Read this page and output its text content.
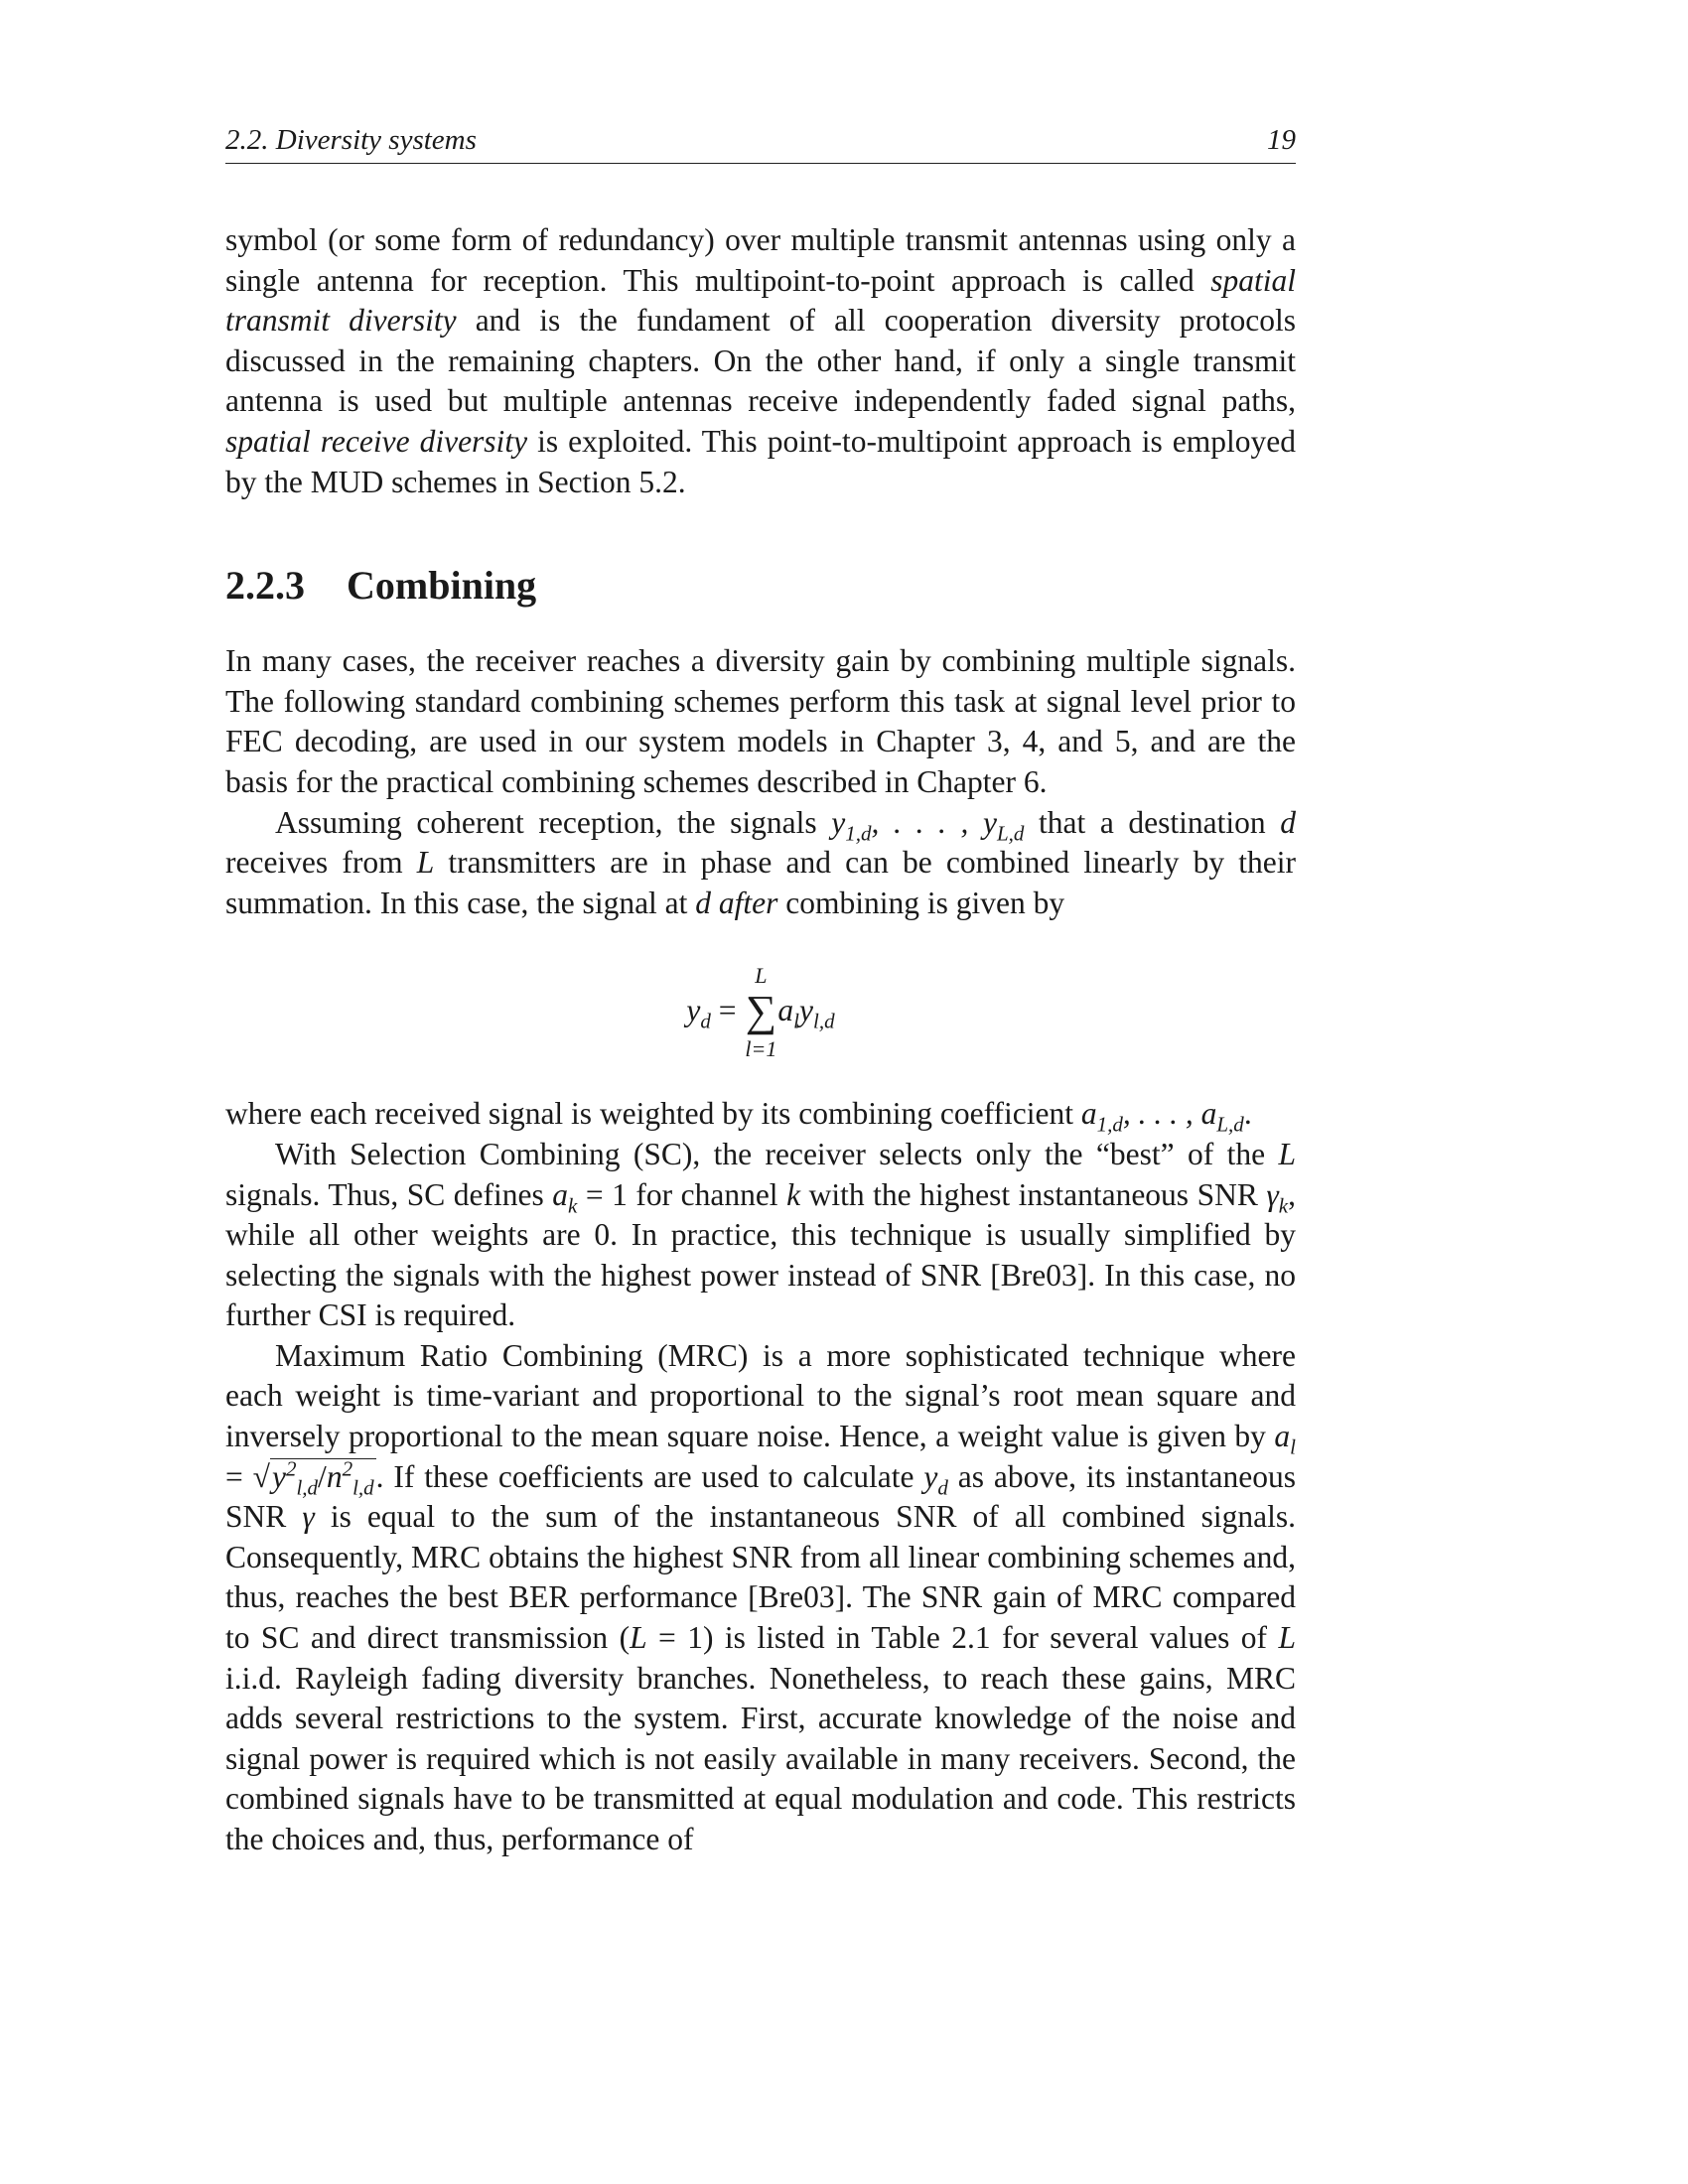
2.2. Diversity systems	19

symbol (or some form of redundancy) over multiple transmit antennas using only a single antenna for reception. This multipoint-to-point approach is called spatial transmit diversity and is the fundament of all cooperation diversity protocols discussed in the remaining chapters. On the other hand, if only a single transmit antenna is used but multiple antennas receive independently faded signal paths, spatial receive diversity is exploited. This point-to-multipoint approach is employed by the MUD schemes in Section 5.2.

2.2.3 Combining

In many cases, the receiver reaches a diversity gain by combining multiple signals. The following standard combining schemes perform this task at signal level prior to FEC decoding, are used in our system models in Chapter 3, 4, and 5, and are the basis for the practical combining schemes described in Chapter 6.

Assuming coherent reception, the signals $y_{1,d}$, . . . , $y_{L,d}$ that a destination d receives from L transmitters are in phase and can be combined linearly by their summation. In this case, the signal at d after combining is given by

$y_d$ =
L
∑
l=1
$a_ly_{l,d}$

where each received signal is weighted by its combining coefficient $a_{1,d}$, . . . , $a_{L,d}$.

With Selection Combining (SC), the receiver selects only the “best” of the L signals. Thus, SC defines $a_k = 1$ for channel k with the highest instantaneous SNR $\gamma_k$, while all other weights are 0. In practice, this technique is usually simplified by selecting the signals with the highest power instead of SNR [Bre03]. In this case, no further CSI is required.

Maximum Ratio Combining (MRC) is a more sophisticated technique where each weight is time-variant and proportional to the signal’s root mean square and inversely proportional to the mean square noise. Hence, a weight value is given by $a_l = √y^2_{l,d}/n^2_{l,d}$. If these coefficients are used to calculate $y_d$ as above, its instantaneous SNR γ is equal to the sum of the instantaneous SNR of all combined signals. Consequently, MRC obtains the highest SNR from all linear combining schemes and, thus, reaches the best BER performance [Bre03]. The SNR gain of MRC compared to SC and direct transmission (L = 1) is listed in Table 2.1 for several values of L i.i.d. Rayleigh fading diversity branches. Nonetheless, to reach these gains, MRC adds several restrictions to the system. First, accurate knowledge of the noise and signal power is required which is not easily available in many receivers. Second, the combined signals have to be transmitted at equal modulation and code. This restricts the choices and, thus, performance of
